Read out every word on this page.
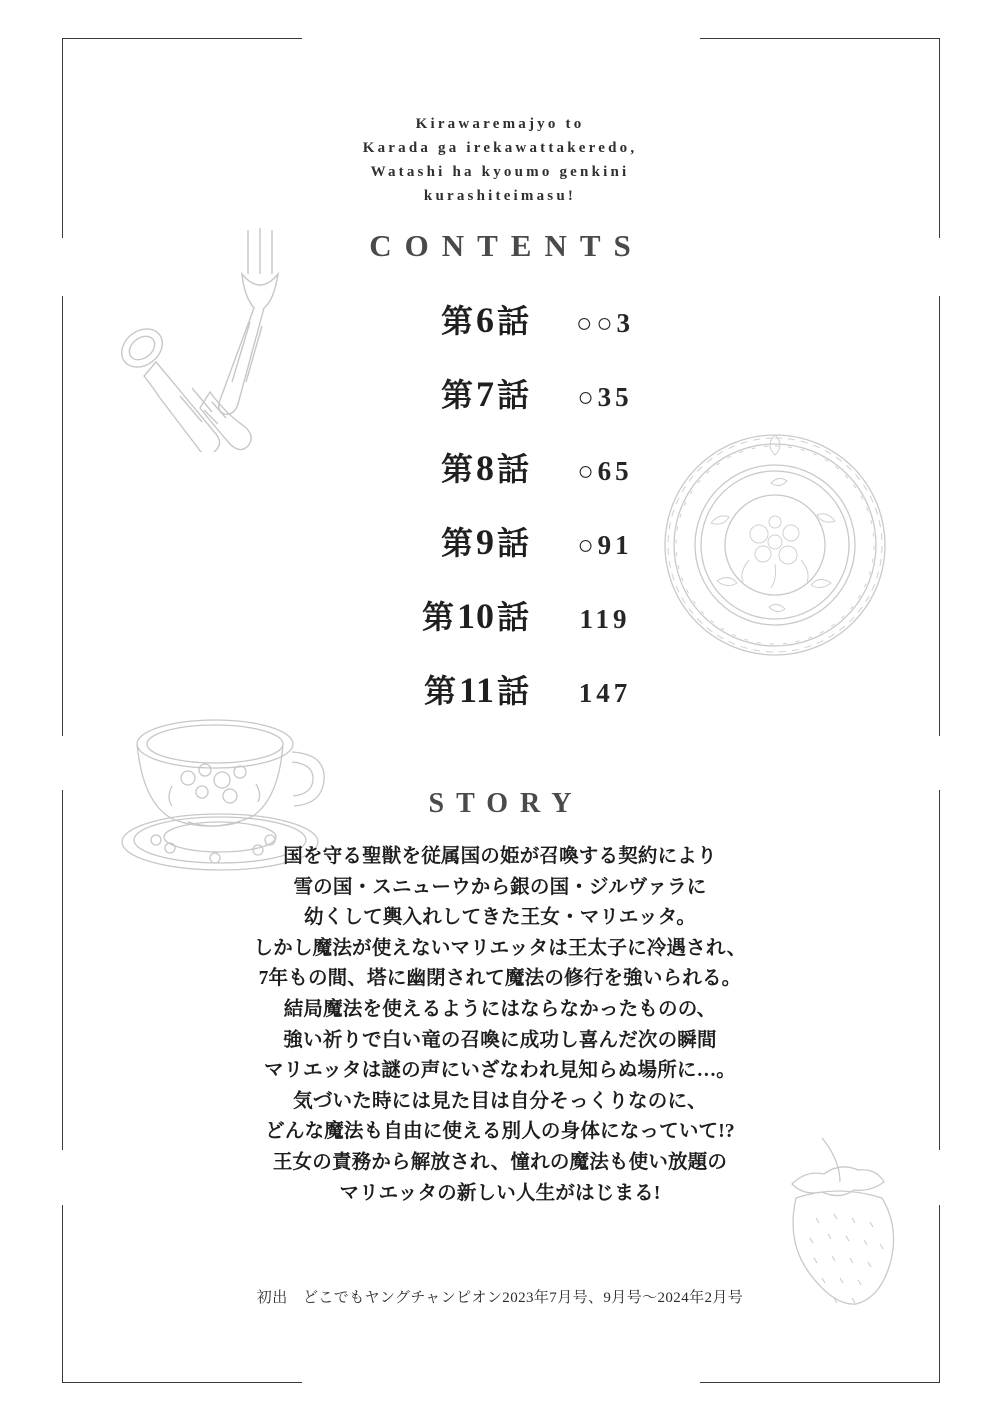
Kirawaremajyo to
Karada ga irekawattakeredo,
Watashi ha kyoumo genkini
kurashiteimasu!
CONTENTS
第6話	○○3
第7話	○35
第8話	○65
第9話	○91
第10話	119
第11話	147
STORY
国を守る聖獣を従属国の姫が召喚する契約により
雪の国・スニューウから銀の国・ジルヴァラに
幼くして輿入れしてきた王女・マリエッタ。
しかし魔法が使えないマリエッタは王太子に冷遇され、
7年もの間、塔に幽閉されて魔法の修行を強いられる。
結局魔法を使えるようにはならなかったものの、
強い祈りで白い竜の召喚に成功し喜んだ次の瞬間
マリエッタは謎の声にいざなわれ見知らぬ場所に…。
気づいた時には見た目は自分そっくりなのに、
どんな魔法も自由に使える別人の身体になっていて!?
王女の責務から解放され、憧れの魔法も使い放題の
マリエッタの新しい人生がはじまる!
初出　どこでもヤングチャンピオン2023年7月号、9月号〜2024年2月号
